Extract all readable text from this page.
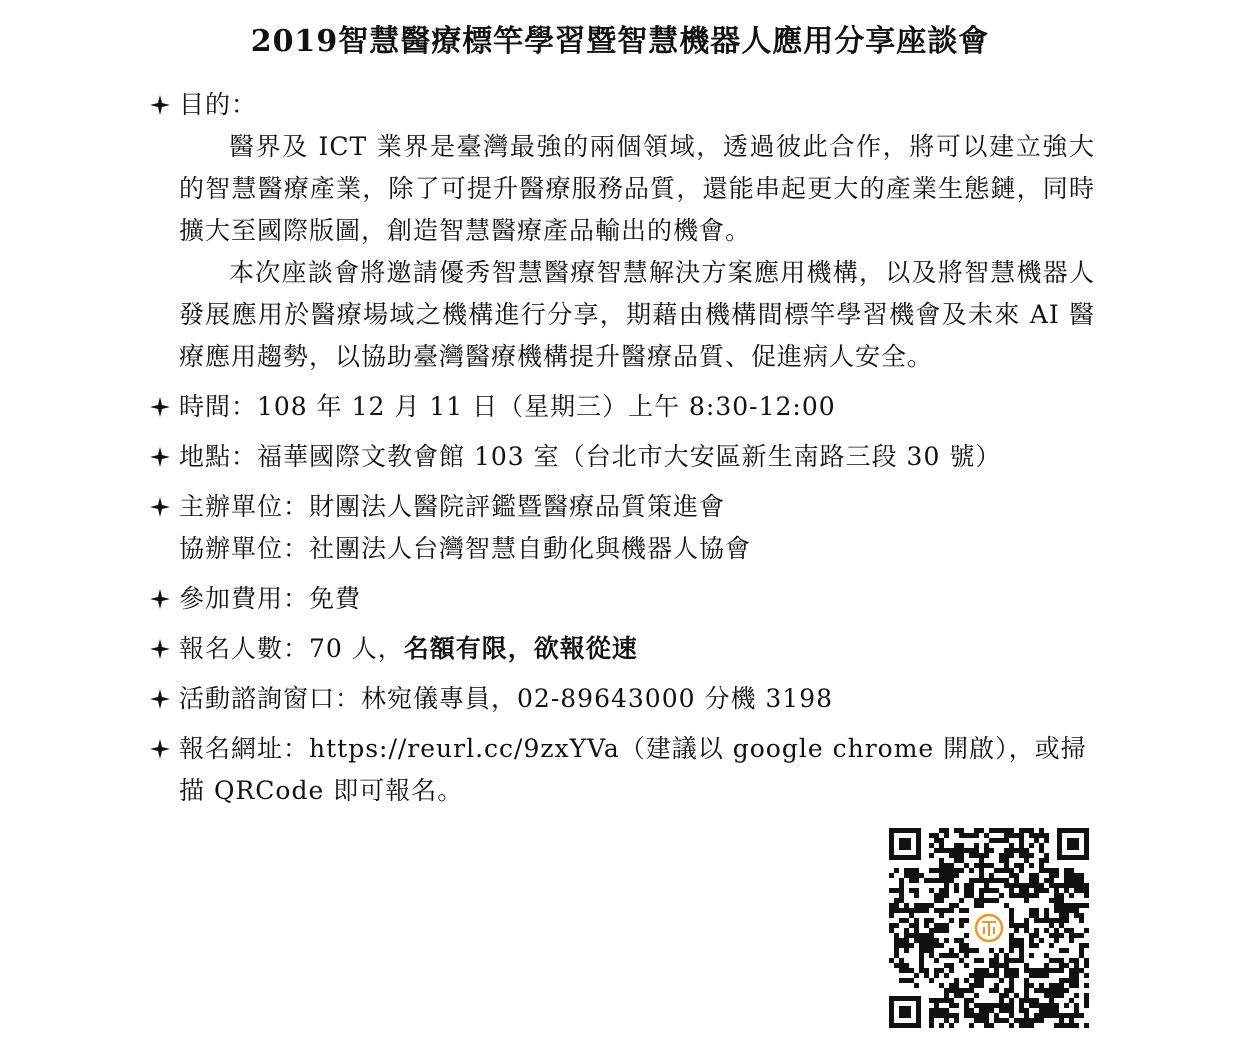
2019智慧醫療標竿學習暨智慧機器人應用分享座談會
目的：
醫界及 ICT 業界是臺灣最強的兩個領域，透過彼此合作，將可以建立強大的智慧醫療產業，除了可提升醫療服務品質，還能串起更大的產業生態鏈，同時擴大至國際版圖，創造智慧醫療產品輸出的機會。
本次座談會將邀請優秀智慧醫療智慧解決方案應用機構，以及將智慧機器人發展應用於醫療場域之機構進行分享，期藉由機構間標竿學習機會及未來 AI 醫療應用趨勢，以協助臺灣醫療機構提升醫療品質、促進病人安全。
時間：108 年 12 月 11 日（星期三）上午 8:30-12:00
地點：福華國際文教會館 103 室（台北市大安區新生南路三段 30 號）
主辦單位：財團法人醫院評鑑暨醫療品質策進會
協辦單位：社團法人台灣智慧自動化與機器人協會
參加費用：免費
報名人數：70 人，名額有限，欲報從速
活動諮詢窗口：林宛儀專員，02-89643000 分機 3198
報名網址：https://reurl.cc/9zxYVa（建議以 google chrome 開啟），或掃描 QRCode 即可報名。
